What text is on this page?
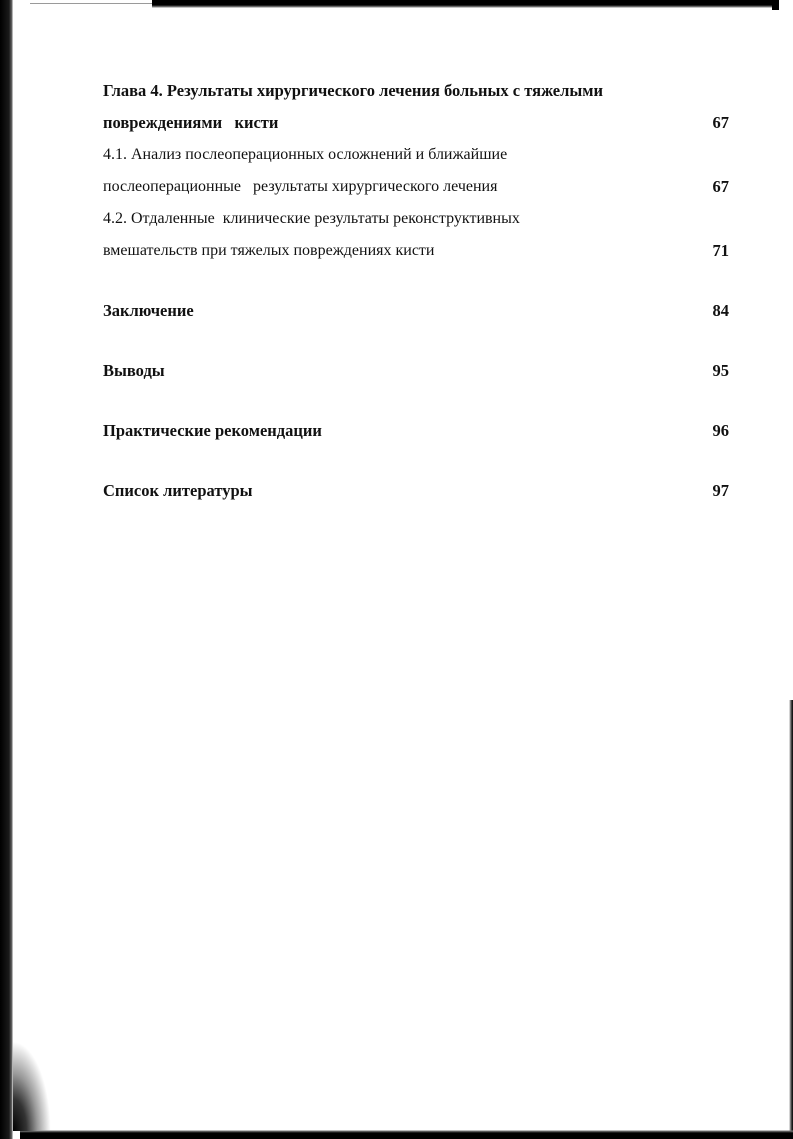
Глава 4. Результаты хирургического лечения больных с тяжелыми
повреждениями   кисти	67
4.1. Анализ послеоперационных осложнений и ближайшие
послеоперационные   результаты хирургического лечения	67
4.2. Отдаленные  клинические результаты реконструктивных
вмешательств при тяжелых повреждениях кисти	71
Заключение	84
Выводы	95
Практические рекомендации	96
Список литературы	97
